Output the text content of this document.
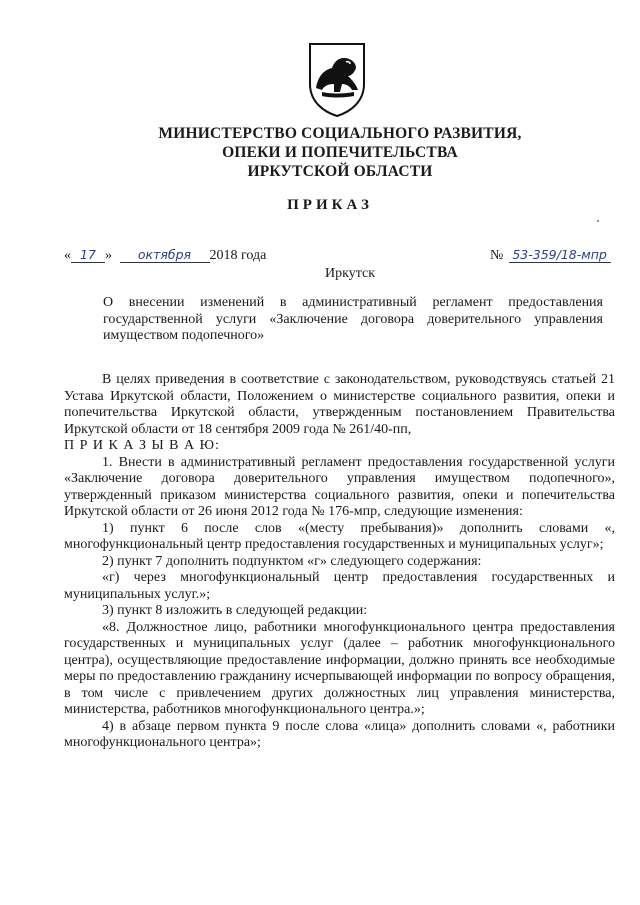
МИНИСТЕРСТВО СОЦИАЛЬНОГО РАЗВИТИЯ,
ОПЕКИ И ПОПЕЧИТЕЛЬСТВА
ИРКУТСКОЙ ОБЛАСТИ
ПРИКАЗ
« 17 » октября 2018 года	№ 53-359/18-мпр
Иркутск
О внесении изменений в административный регламент предоставления государственной услуги «Заключение договора доверительного управления имуществом подопечного»

В целях приведения в соответствие с законодательством, руководствуясь статьей 21 Устава Иркутской области, Положением о министерстве социального развития, опеки и попечительства Иркутской области, утвержденным постановлением Правительства Иркутской области от 18 сентября 2009 года № 261/40-пп,

П Р И К А З Ы В А Ю:

1. Внести в административный регламент предоставления государственной услуги «Заключение договора доверительного управления имуществом подопечного», утвержденный приказом министерства социального развития, опеки и попечительства Иркутской области от 26 июня 2012 года № 176-мпр, следующие изменения:

1) пункт 6 после слов «(месту пребывания)» дополнить словами «, многофункциональный центр предоставления государственных и муниципальных услуг»;

2) пункт 7 дополнить подпунктом «г» следующего содержания:

«г) через многофункциональный центр предоставления государственных и муниципальных услуг.»;

3) пункт 8 изложить в следующей редакции:

«8. Должностное лицо, работники многофункционального центра предоставления государственных и муниципальных услуг (далее – работник многофункционального центра), осуществляющие предоставление информации, должно принять все необходимые меры по предоставлению гражданину исчерпывающей информации по вопросу обращения, в том числе с привлечением других должностных лиц управления министерства, министерства, работников многофункционального центра.»;

4) в абзаце первом пункта 9 после слова «лица» дополнить словами «, работники многофункционального центра»;
